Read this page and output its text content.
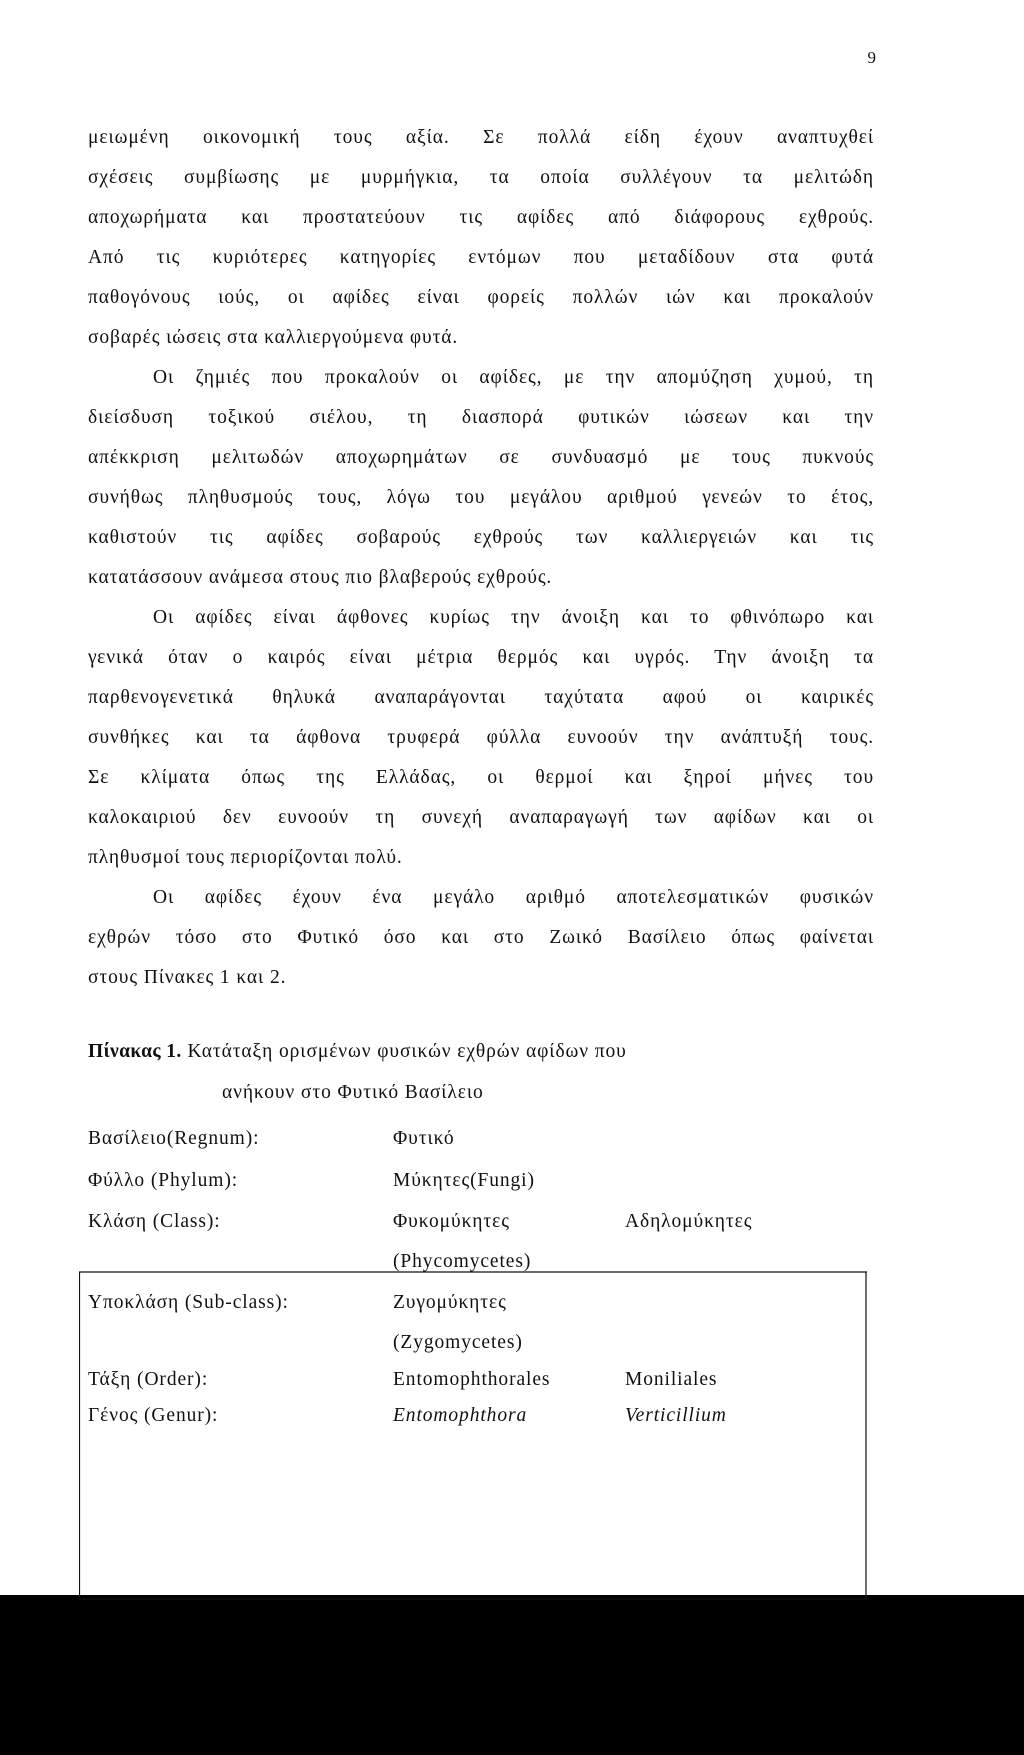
9
μειωμένη οικονομική τους αξία. Σε πολλά είδη έχουν αναπτυχθεί
σχέσεις συμβίωσης με μυρμήγκια, τα οποία συλλέγουν τα μελιτώδη
αποχωρήματα και προστατεύουν τις αφίδες από διάφορους εχθρούς.
Από τις κυριότερες κατηγορίες εντόμων που μεταδίδουν στα φυτά
παθογόνους ιούς, οι αφίδες είναι φορείς πολλών ιών και προκαλούν
σοβαρές ιώσεις στα καλλιεργούμενα φυτά.
Οι ζημιές που προκαλούν οι αφίδες, με την απομύζηση χυμού, τη
διείσδυση τοξικού σιέλου, τη διασπορά φυτικών ιώσεων και την
απέκκριση μελιτωδών αποχωρημάτων σε συνδυασμό με τους πυκνούς
συνήθως πληθυσμούς τους, λόγω του μεγάλου αριθμού γενεών το έτος,
καθιστούν τις αφίδες σοβαρούς εχθρούς των καλλιεργειών και τις
κατατάσσουν ανάμεσα στους πιο βλαβερούς εχθρούς.
Οι αφίδες είναι άφθονες κυρίως την άνοιξη και το φθινόπωρο και
γενικά όταν ο καιρός είναι μέτρια θερμός και υγρός. Την άνοιξη τα
παρθενογενετικά θηλυκά αναπαράγονται ταχύτατα αφού οι καιρικές
συνθήκες και τα άφθονα τρυφερά φύλλα ευνοούν την ανάπτυξή τους.
Σε κλίματα όπως της Ελλάδας, οι θερμοί και ξηροί μήνες του
καλοκαιριού δεν ευνοούν τη συνεχή αναπαραγωγή των αφίδων και οι
πληθυσμοί τους περιορίζονται πολύ.
Οι αφίδες έχουν ένα μεγάλο αριθμό αποτελεσματικών φυσικών
εχθρών τόσο στο Φυτικό όσο και στο Ζωικό Βασίλειο όπως φαίνεται
στους Πίνακες 1 και 2.
Πίνακας 1. Κατάταξη ορισμένων φυσικών εχθρών αφίδων που
ανήκουν στο Φυτικό Βασίλειο
Βασίλειο(Regnum):	Φυτικό
Φύλλο (Phylum):	Μύκητες(Fungi)
Κλάση (Class):	Φυκομύκητες	Αδηλομύκητες
(Phycomycetes)
Υποκλάση (Sub-class):	Ζυγομύκητες
(Zygomycetes)
Τάξη (Order):	Entomophthorales	Moniliales
Γένος (Genur):	Entomophthora	Verticillium
